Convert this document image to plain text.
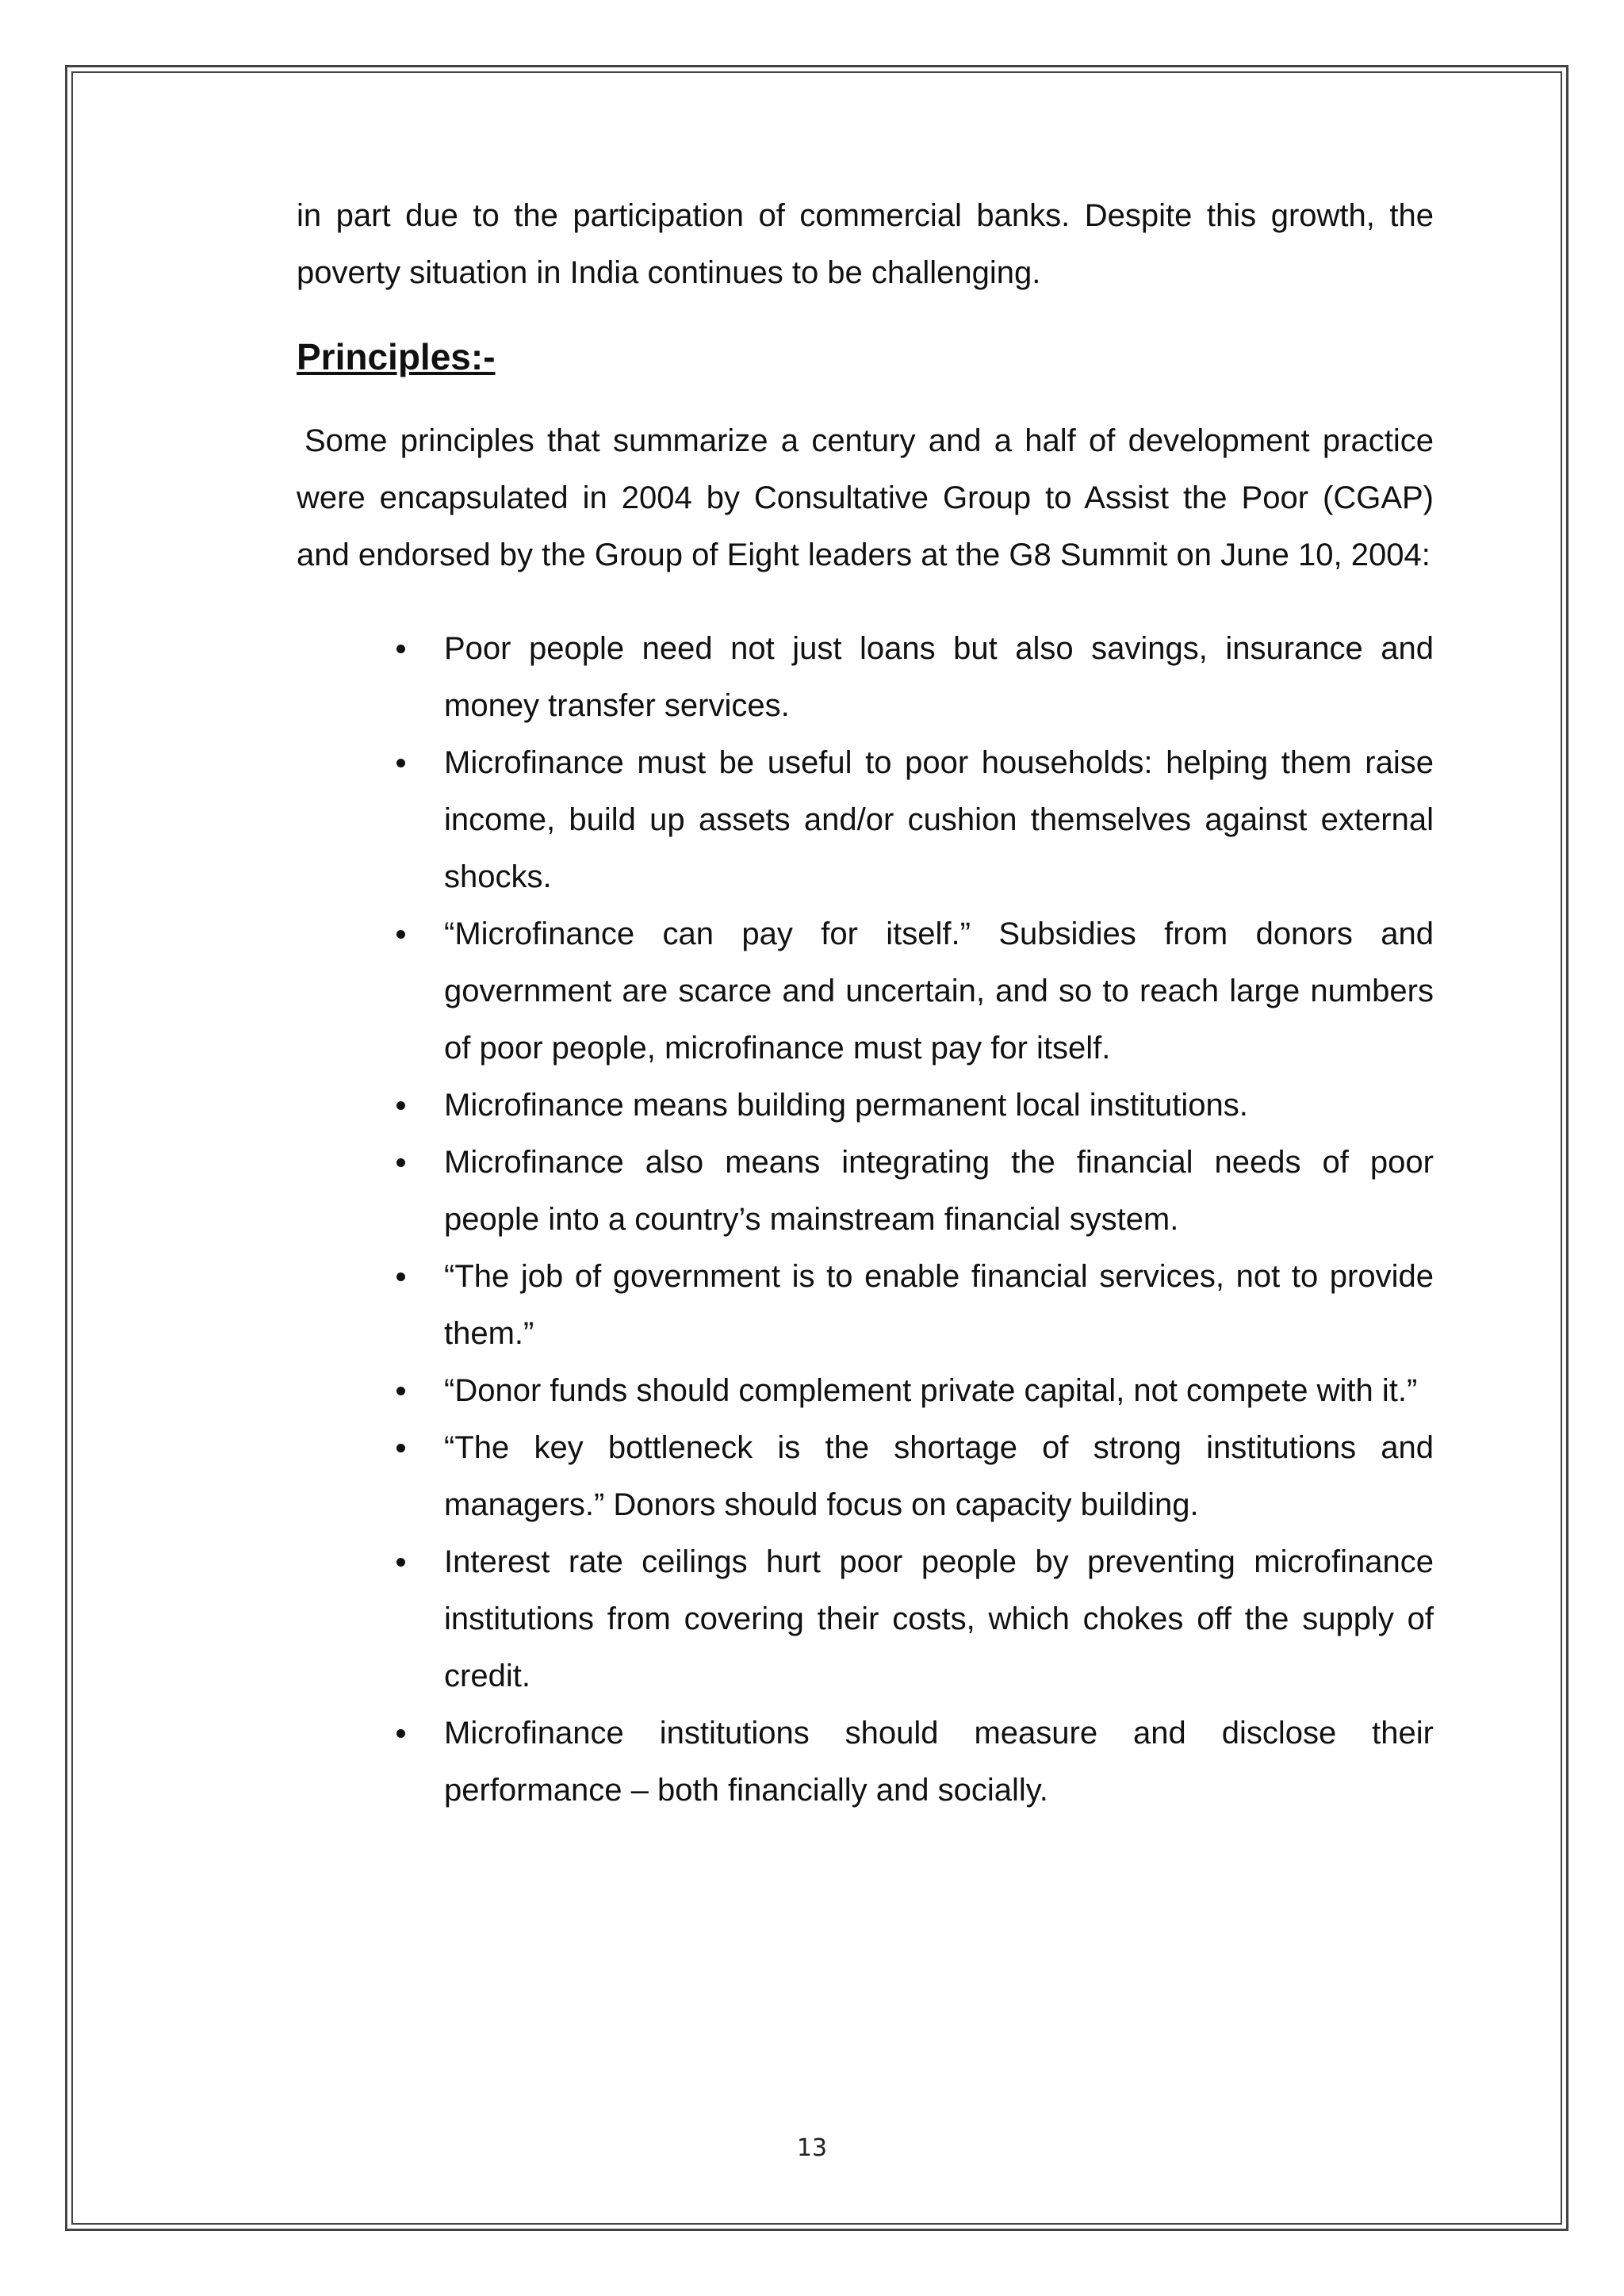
in part due to the participation of commercial banks. Despite this growth, the poverty situation in India continues to be challenging.

Principles:-

Some principles that summarize a century and a half of development practice were encapsulated in 2004 by Consultative Group to Assist the Poor (CGAP) and endorsed by the Group of Eight leaders at the G8 Summit on June 10, 2004:

Poor people need not just loans but also savings, insurance and money transfer services.
Microfinance must be useful to poor households: helping them raise income, build up assets and/or cushion themselves against external shocks.
“Microfinance can pay for itself.” Subsidies from donors and government are scarce and uncertain, and so to reach large numbers of poor people, microfinance must pay for itself.
Microfinance means building permanent local institutions.
Microfinance also means integrating the financial needs of poor people into a country’s mainstream financial system.
“The job of government is to enable financial services, not to provide them.”
“Donor funds should complement private capital, not compete with it.”
“The key bottleneck is the shortage of strong institutions and managers.” Donors should focus on capacity building.
Interest rate ceilings hurt poor people by preventing microfinance institutions from covering their costs, which chokes off the supply of credit.
Microfinance institutions should measure and disclose their performance – both financially and socially.
13
